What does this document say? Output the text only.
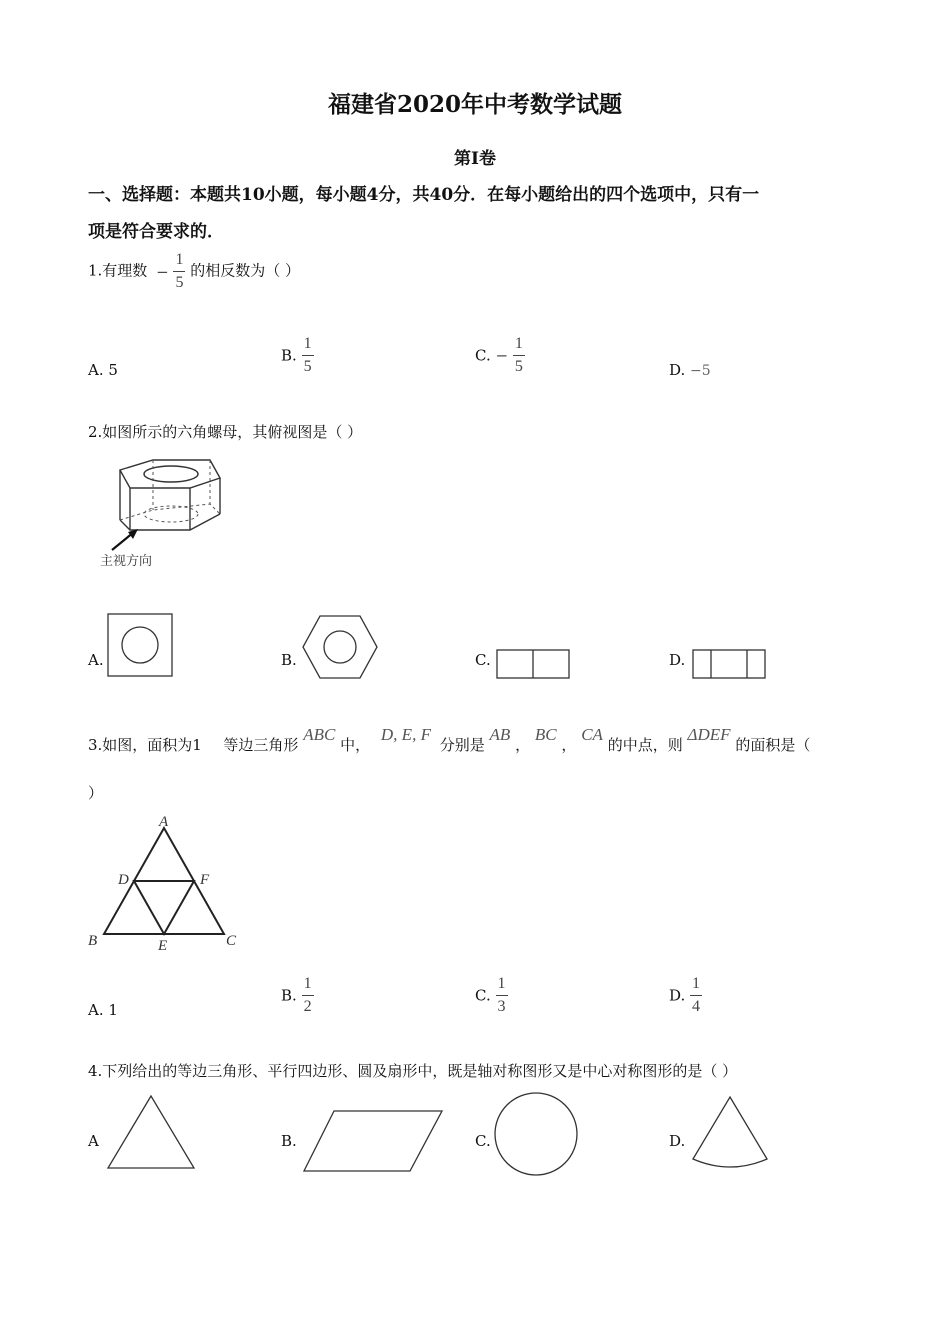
福建省2020年中考数学试题
第Ⅰ卷
一、选择题：本题共10小题，每小题4分，共40分．在每小题给出的四个选项中，只有一
项是符合要求的．
1.有理数 − $\frac{1}{5}$ 的相反数为（ ）
A. 5
B. $\frac{1}{5}$	C. − $\frac{1}{5}$	D. −5
2.如图所示的六角螺母，其俯视图是（ ）
主视方向
A.	B.	C.	D.
3.如图，面积为1 等边三角形 ABC 中， D, E, F 分别是 AB ， BC ， CA 的中点，则 ΔDEF 的面积是（
）
A
D	F
B	E	C
A. 1
B. $\frac{1}{2}$	C. $\frac{1}{3}$	D. $\frac{1}{4}$
4.下列给出的等边三角形、平行四边形、圆及扇形中，既是轴对称图形又是中心对称图形的是（ ）
A	B.	C.	D.
